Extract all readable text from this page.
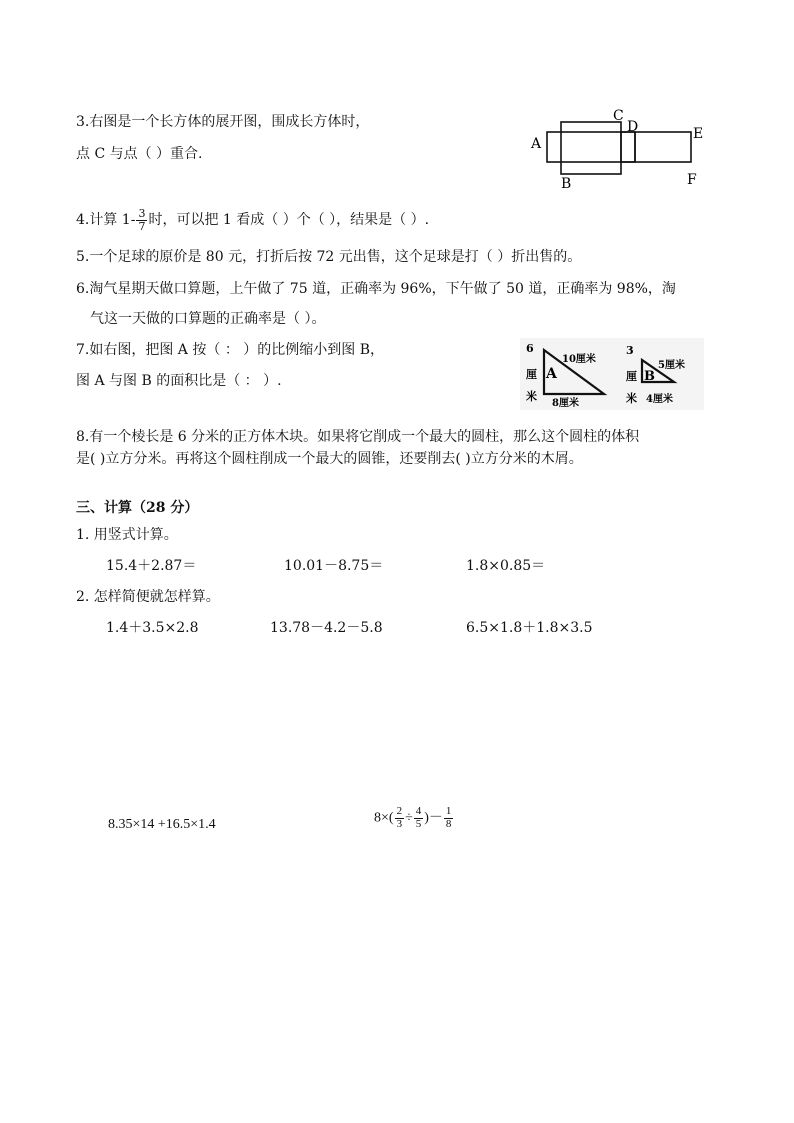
3.右图是一个长方体的展开图，围成长方体时，
点 C 与点（ ）重合.
A
B
C
D	E
F
4.计算 $1- \frac{3}{7}$ 时，可以把 1 看成（ ）个（ ），结果是（ ）.
5.一个足球的原价是 80 元，打折后按 72 元出售，这个足球是打（ ）折出售的。
6.淘气星期天做口算题，上午做了 75 道，正确率为 96%，下午做了 50 道，正确率为 98%，淘
气这一天做的口算题的正确率是（ ）。
7.如右图，把图 A 按（ ： ）的比例缩小到图 B，
图 A 与图 B 的面积比是（ ： ）.	A
6
厘
米
10厘米
8厘米
B
3
厘
米
5厘米
4厘米
8.有一个棱长是 6 分米的正方体木块。如果将它削成一个最大的圆柱，那么这个圆柱的体积
是( )立方分米。再将这个圆柱削成一个最大的圆锥，还要削去( )立方分米的木屑。
三、计算（28 分）
1. 用竖式计算。
15.4＋2.87＝	10.01－8.75＝	1.8×0.85＝
2. 怎样简便就怎样算。
1.4＋3.5×2.8	13.78－4.2－5.8	6.5×1.8＋1.8×3.5
8.35×14 +16.5×1.4	$8\times( \frac{2}{3} \div \frac{4}{5}$ )－ $\frac{1}{8}$
